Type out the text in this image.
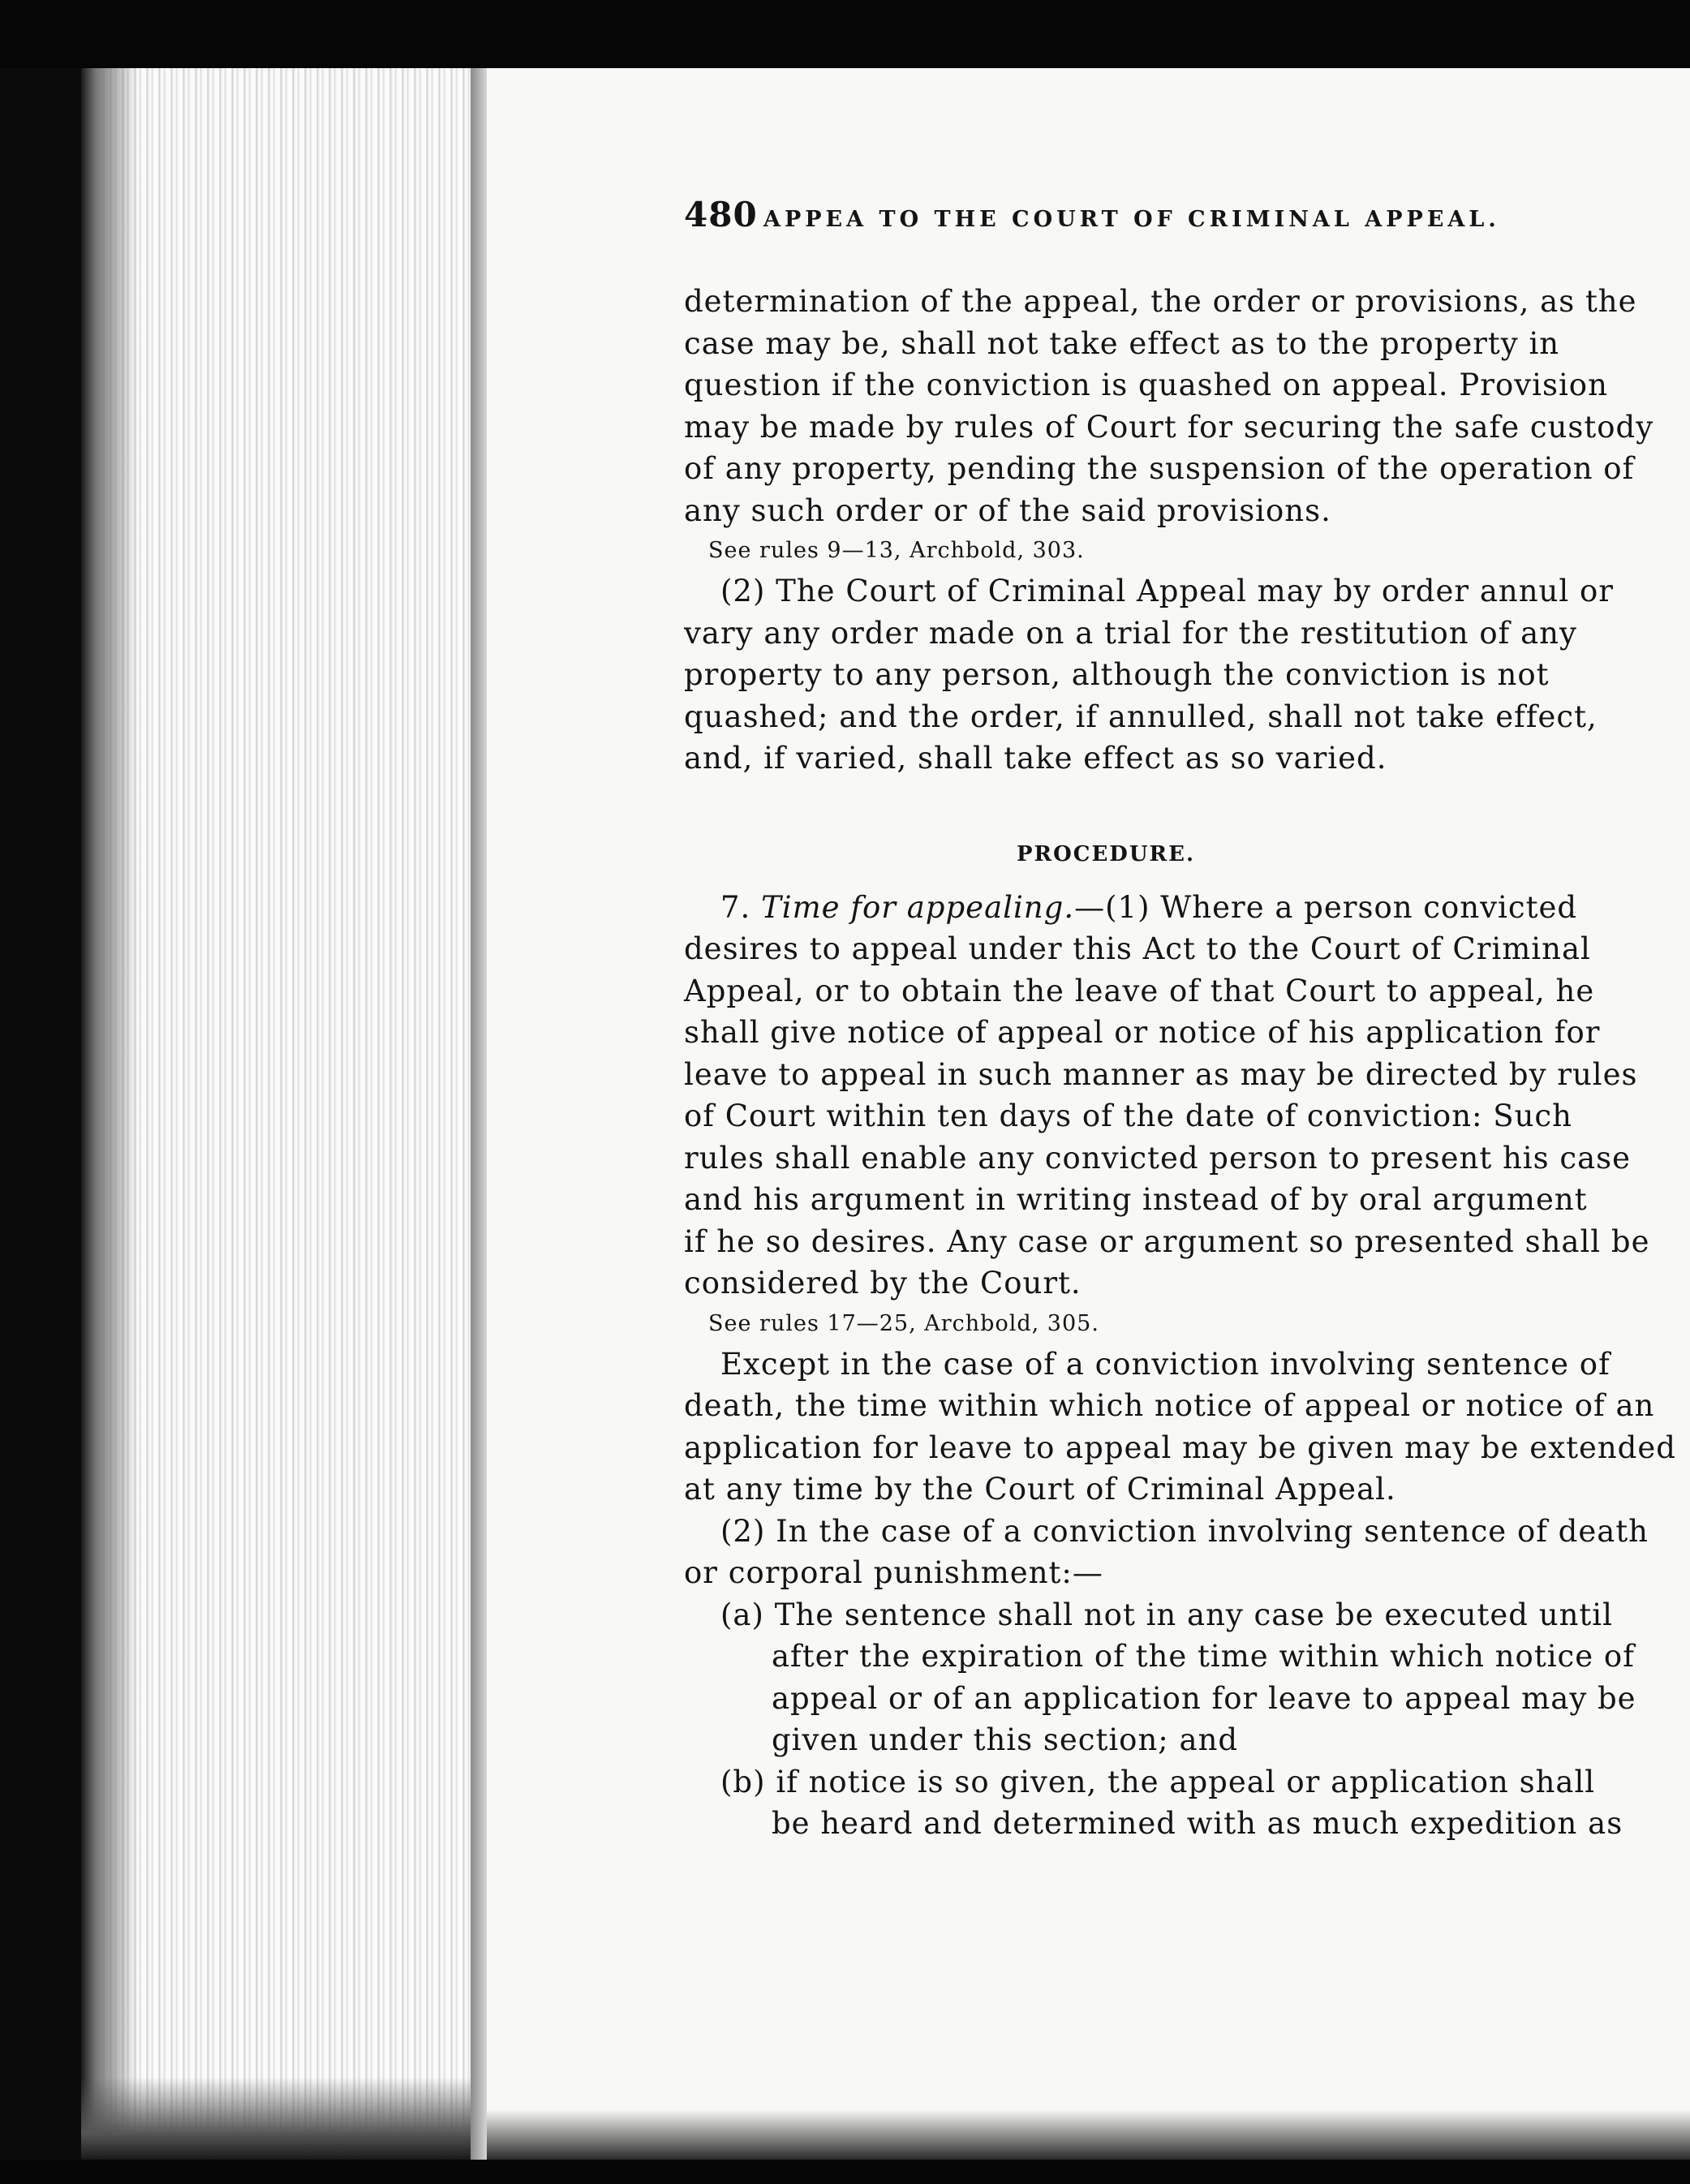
480 APPEA TO THE COURT OF CRIMINAL APPEAL.
determination of the appeal, the order or provisions, as the
case may be, shall not take effect as to the property in
question if the conviction is quashed on appeal. Provision
may be made by rules of Court for securing the safe custody
of any property, pending the suspension of the operation of
any such order or of the said provisions.
See rules 9—13, Archbold, 303.
(2) The Court of Criminal Appeal may by order annul or
vary any order made on a trial for the restitution of any
property to any person, although the conviction is not
quashed; and the order, if annulled, shall not take effect,
and, if varied, shall take effect as so varied.
PROCEDURE.
7. Time for appealing.—(1) Where a person convicted
desires to appeal under this Act to the Court of Criminal
Appeal, or to obtain the leave of that Court to appeal, he
shall give notice of appeal or notice of his application for
leave to appeal in such manner as may be directed by rules
of Court within ten days of the date of conviction: Such
rules shall enable any convicted person to present his case
and his argument in writing instead of by oral argument
if he so desires. Any case or argument so presented shall be
considered by the Court.
See rules 17—25, Archbold, 305.
Except in the case of a conviction involving sentence of
death, the time within which notice of appeal or notice of an
application for leave to appeal may be given may be extended
at any time by the Court of Criminal Appeal.
(2) In the case of a conviction involving sentence of death
or corporal punishment:—
(a) The sentence shall not in any case be executed until
after the expiration of the time within which notice of
appeal or of an application for leave to appeal may be
given under this section; and
(b) if notice is so given, the appeal or application shall
be heard and determined with as much expedition as
